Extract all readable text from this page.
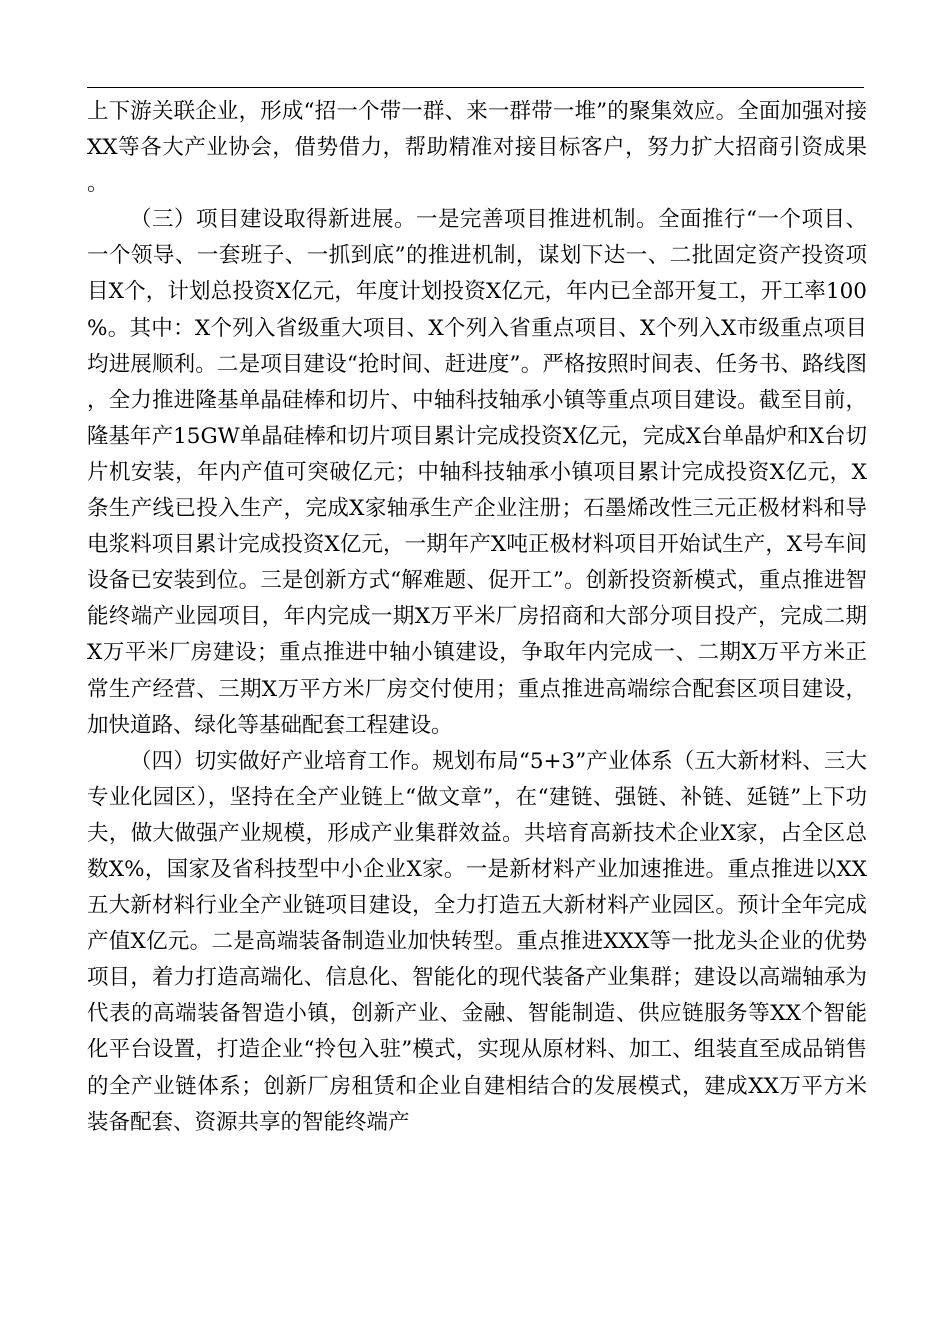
上下游关联企业，形成“招一个带一群、来一群带一堆”的聚集效应。全面加强对接XX等各大产业协会，借势借力，帮助精准对接目标客户，努力扩大招商引资成果。

（三）项目建设取得新进展。一是完善项目推进机制。全面推行“一个项目、一个领导、一套班子、一抓到底”的推进机制，谋划下达一、二批固定资产投资项目X个，计划总投资X亿元，年度计划投资X亿元，年内已全部开复工，开工率100%。其中：X个列入省级重大项目、X个列入省重点项目、X个列入X市级重点项目均进展顺利。二是项目建设“抢时间、赶进度”。严格按照时间表、任务书、路线图，全力推进隆基单晶硅棒和切片、中轴科技轴承小镇等重点项目建设。截至目前，隆基年产15GW单晶硅棒和切片项目累计完成投资X亿元，完成X台单晶炉和X台切片机安装，年内产值可突破亿元；中轴科技轴承小镇项目累计完成投资X亿元，X条生产线已投入生产，完成X家轴承生产企业注册；石墨烯改性三元正极材料和导电浆料项目累计完成投资X亿元，一期年产X吨正极材料项目开始试生产，X号车间设备已安装到位。三是创新方式“解难题、促开工”。创新投资新模式，重点推进智能终端产业园项目，年内完成一期X万平米厂房招商和大部分项目投产，完成二期X万平米厂房建设；重点推进中轴小镇建设，争取年内完成一、二期X万平方米正常生产经营、三期X万平方米厂房交付使用；重点推进高端综合配套区项目建设，加快道路、绿化等基础配套工程建设。

（四）切实做好产业培育工作。规划布局“5+3”产业体系（五大新材料、三大专业化园区），坚持在全产业链上“做文章”，在“建链、强链、补链、延链”上下功夫，做大做强产业规模，形成产业集群效益。共培育高新技术企业X家，占全区总数X%，国家及省科技型中小企业X家。一是新材料产业加速推进。重点推进以XX五大新材料行业全产业链项目建设，全力打造五大新材料产业园区。预计全年完成产值X亿元。二是高端装备制造业加快转型。重点推进XXX等一批龙头企业的优势项目，着力打造高端化、信息化、智能化的现代装备产业集群；建设以高端轴承为代表的高端装备智造小镇，创新产业、金融、智能制造、供应链服务等XX个智能化平台设置，打造企业“拎包入驻”模式，实现从原材料、加工、组装直至成品销售的全产业链体系；创新厂房租赁和企业自建相结合的发展模式，建成XX万平方米装备配套、资源共享的智能终端产
